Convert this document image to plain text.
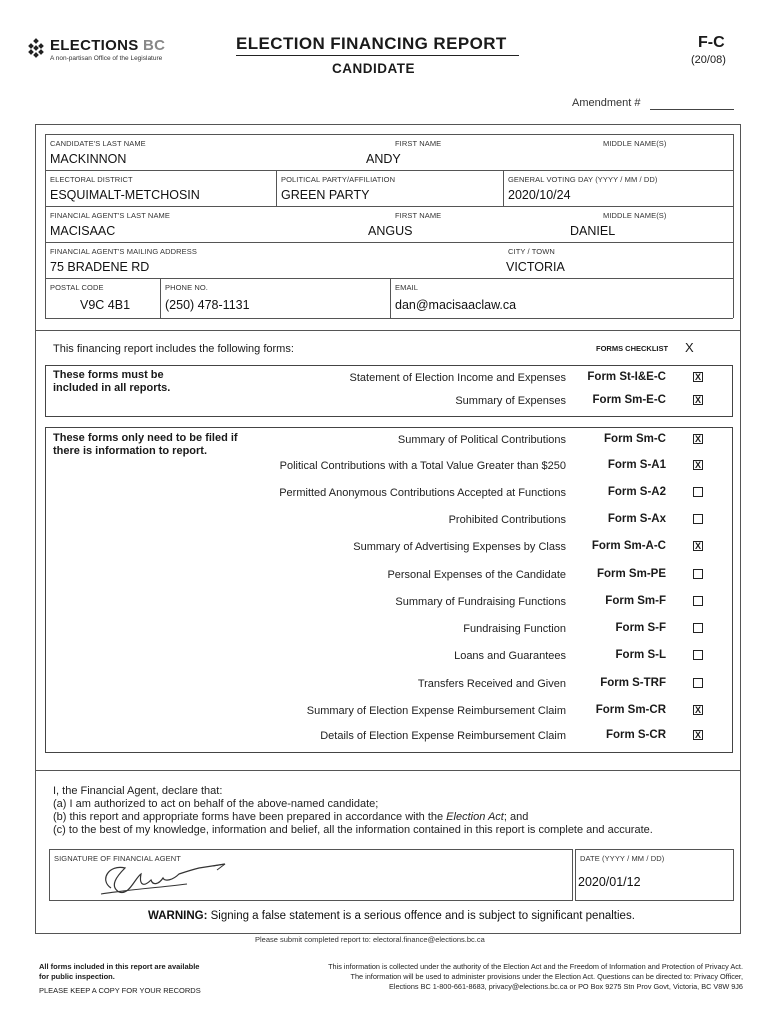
ELECTIONS BC
A non-partisan Office of the Legislature
ELECTION FINANCING REPORT
CANDIDATE
F-C
(20/08)
Amendment #
CANDIDATE'S LAST NAME
MACKINNON
FIRST NAME
ANDY
MIDDLE NAME(S)
ELECTORAL DISTRICT
ESQUIMALT-METCHOSIN
POLITICAL PARTY/AFFILIATION
GREEN PARTY
GENERAL VOTING DAY (YYYY / MM / DD)
2020/10/24
FINANCIAL AGENT'S LAST NAME
MACISAAC
FIRST NAME
ANGUS
MIDDLE NAME(S)
DANIEL
FINANCIAL AGENT'S MAILING ADDRESS
75 BRADENE RD
CITY / TOWN
VICTORIA
POSTAL CODE
V9C 4B1
PHONE NO.
(250) 478-1131
EMAIL
dan@macisaaclaw.ca
This financing report includes the following forms:	FORMS CHECKLIST X
These forms must be included in all reports.
These forms only need to be filed if there is information to report.
Statement of Election Income and Expenses Form St-I&E-C	X
Summary of Expenses Form Sm-E-C	X
Summary of Political Contributions	Form Sm-C	X
Political Contributions with a Total Value Greater than $250	Form S-A1	X
Permitted Anonymous Contributions Accepted at Functions	Form S-A2
Prohibited Contributions	Form S-Ax
Summary of Advertising Expenses by Class Form Sm-A-C	X
Personal Expenses of the Candidate	Form Sm-PE
Summary of Fundraising Functions	Form Sm-F
Fundraising Function	Form S-F
Loans and Guarantees	Form S-L
Transfers Received and Given	Form S-TRF
Summary of Election Expense Reimbursement Claim	Form Sm-CR	X
Details of Election Expense Reimbursement Claim	Form S-CR	X
I, the Financial Agent, declare that:
(a) I am authorized to act on behalf of the above-named candidate;
(b) this report and appropriate forms have been prepared in accordance with the Election Act; and
(c) to the best of my knowledge, information and belief, all the information contained in this report is complete and accurate.
SIGNATURE OF FINANCIAL AGENT	DATE (YYYY / MM / DD)
2020/01/12
WARNING: Signing a false statement is a serious offence and is subject to significant penalties.
Please submit completed report to: electoral.finance@elections.bc.ca
All forms included in this report are available
for public inspection.
PLEASE KEEP A COPY FOR YOUR RECORDS
This information is collected under the authority of the Election Act and the Freedom of Information and Protection of Privacy Act.
The information will be used to administer provisions under the Election Act. Questions can be directed to: Privacy Officer,
Elections BC 1-800-661-8683, privacy@elections.bc.ca or PO Box 9275 Stn Prov Govt, Victoria, BC V8W 9J6
